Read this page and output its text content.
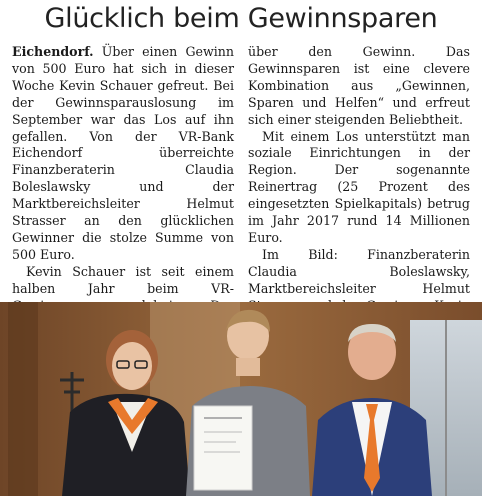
Glücklich beim Gewinnsparen

Eichendorf. Über einen Gewinn von 500 Euro hat sich in dieser Woche Kevin Schauer gefreut. Bei der Gewinnsparauslosung im September war das Los auf ihn gefallen. Von der VR-Bank Eichendorf überreichte Finanzberaterin Claudia Boleslawsky und der Marktbereichsleiter Helmut Strasser an den glücklichen Gewinner die stolze Summe von 500 Euro.

Kevin Schauer ist seit einem halben Jahr beim VR-

über den Gewinn. Das Gewinnsparen ist eine clevere Kombination aus „Gewinnen, Sparen und Helfen“ und erfreut sich einer steigenden Beliebtheit.

Mit einem Los unterstützt man soziale Einrichtungen in der Region. Der sogenannte Reinertrag (25 Prozent des eingesetzten Spielkapitals) betrug im Jahr 2017 rund 14 Millionen Euro.

Im Bild: Finanzberaterin Claudia Boleslawsky, Marktbereichsleiter Helmut
